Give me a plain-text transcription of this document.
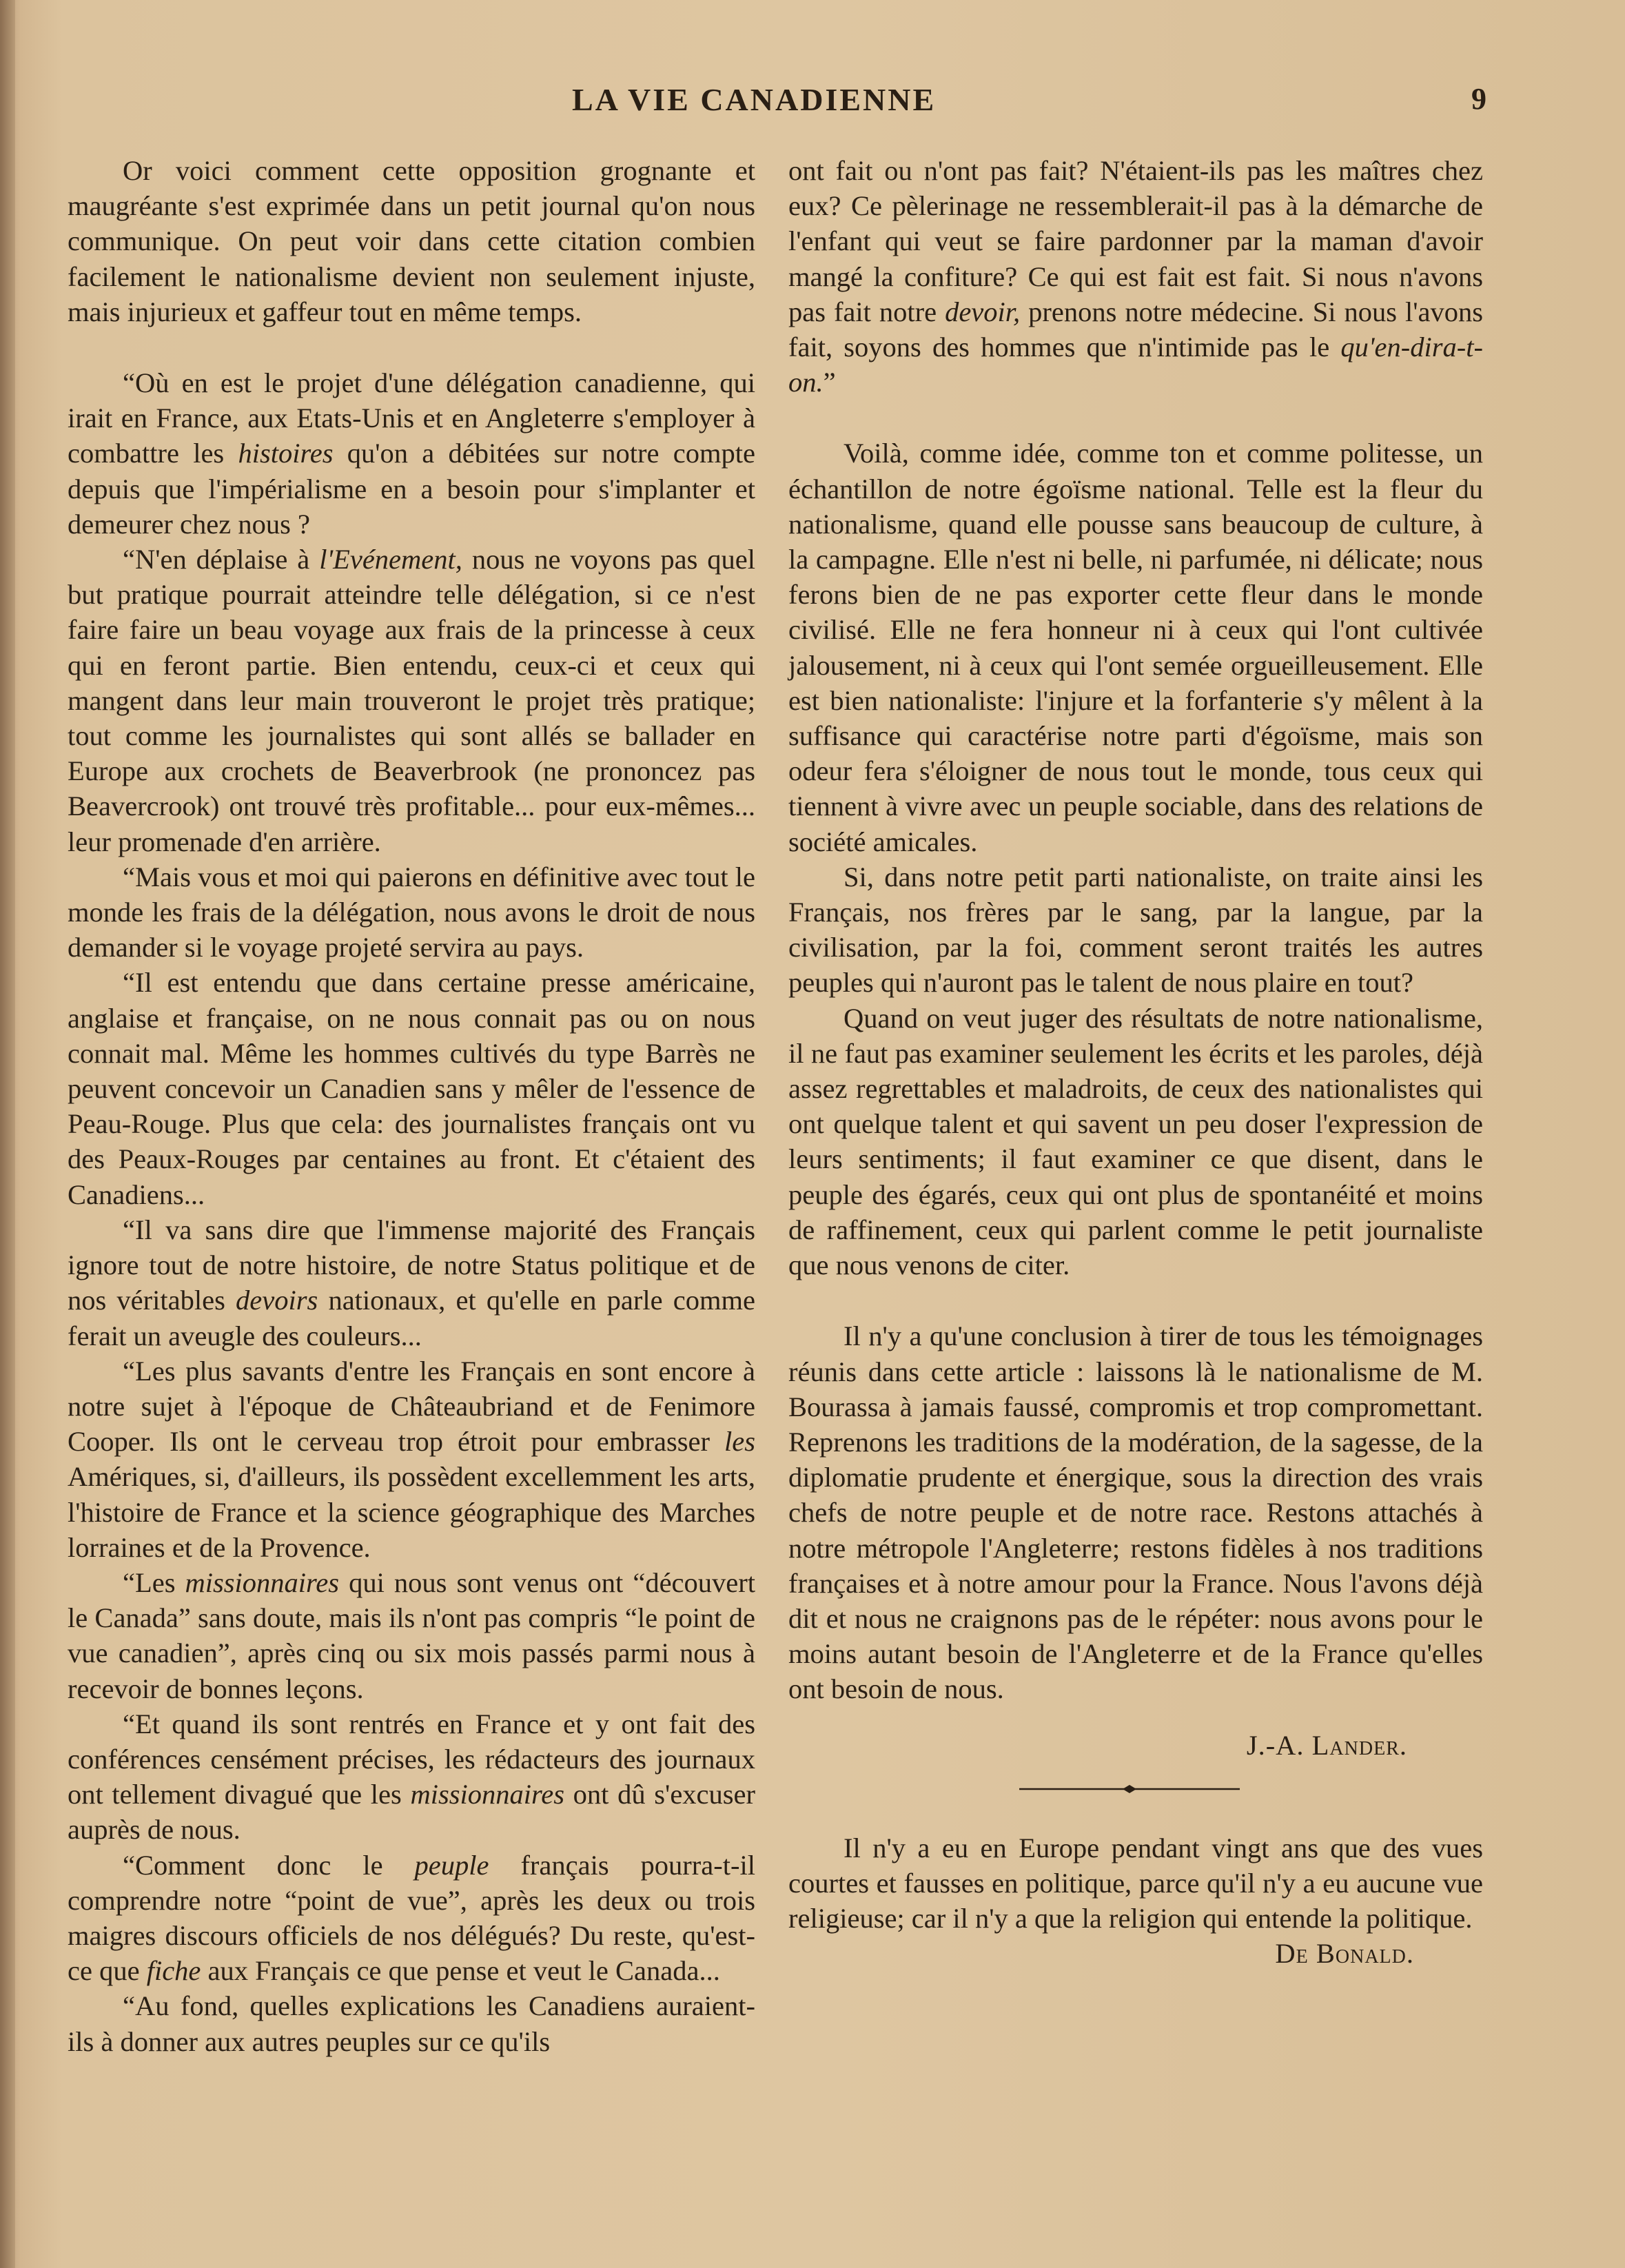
LA VIE CANADIENNE	9

Or voici comment cette opposition grognante et maugréante s'est exprimée dans un petit journal qu'on nous communique. On peut voir dans cette citation combien facilement le nationalisme devient non seulement injuste, mais injurieux et gaffeur tout en même temps.

“Où en est le projet d'une délégation canadienne, qui irait en France, aux Etats-Unis et en Angleterre s'employer à combattre les histoires qu'on a débitées sur notre compte depuis que l'impérialisme en a besoin pour s'implanter et demeurer chez nous ?

“N'en déplaise à l'Evénement, nous ne voyons pas quel but pratique pourrait atteindre telle délégation, si ce n'est faire faire un beau voyage aux frais de la princesse à ceux qui en feront partie. Bien entendu, ceux-ci et ceux qui mangent dans leur main trouveront le projet très pratique; tout comme les journalistes qui sont allés se ballader en Europe aux crochets de Beaverbrook (ne prononcez pas Beavercrook) ont trouvé très profitable... pour eux-mêmes... leur promenade d'en arrière.

“Mais vous et moi qui paierons en définitive avec tout le monde les frais de la délégation, nous avons le droit de nous demander si le voyage projeté servira au pays.

“Il est entendu que dans certaine presse américaine, anglaise et française, on ne nous connait pas ou on nous connait mal. Même les hommes cultivés du type Barrès ne peuvent concevoir un Canadien sans y mêler de l'essence de Peau-Rouge. Plus que cela: des journalistes français ont vu des Peaux-Rouges par centaines au front. Et c'étaient des Canadiens...

“Il va sans dire que l'immense majorité des Français ignore tout de notre histoire, de notre Status politique et de nos véritables devoirs nationaux, et qu'elle en parle comme ferait un aveugle des couleurs...

“Les plus savants d'entre les Français en sont encore à notre sujet à l'époque de Châteaubriand et de Fenimore Cooper. Ils ont le cerveau trop étroit pour embrasser les Amériques, si, d'ailleurs, ils possèdent excellemment les arts, l'histoire de France et la science géographique des Marches lorraines et de la Provence.

“Les missionnaires qui nous sont venus ont “découvert le Canada” sans doute, mais ils n'ont pas compris “le point de vue canadien”, après cinq ou six mois passés parmi nous à recevoir de bonnes leçons.

“Et quand ils sont rentrés en France et y ont fait des conférences censément précises, les rédacteurs des journaux ont tellement divagué que les missionnaires ont dû s'excuser auprès de nous.

“Comment donc le peuple français pourra-t-il comprendre notre “point de vue”, après les deux ou trois maigres discours officiels de nos délégués? Du reste, qu'est-ce que fiche aux Français ce que pense et veut le Canada...

“Au fond, quelles explications les Canadiens auraient-ils à donner aux autres peuples sur ce qu'ils

ont fait ou n'ont pas fait? N'étaient-ils pas les maîtres chez eux? Ce pèlerinage ne ressemblerait-il pas à la démarche de l'enfant qui veut se faire pardonner par la maman d'avoir mangé la confiture? Ce qui est fait est fait. Si nous n'avons pas fait notre devoir, prenons notre médecine. Si nous l'avons fait, soyons des hommes que n'intimide pas le qu'en-dira-t-on.”

Voilà, comme idée, comme ton et comme politesse, un échantillon de notre égoïsme national. Telle est la fleur du nationalisme, quand elle pousse sans beaucoup de culture, à la campagne. Elle n'est ni belle, ni parfumée, ni délicate; nous ferons bien de ne pas exporter cette fleur dans le monde civilisé. Elle ne fera honneur ni à ceux qui l'ont cultivée jalousement, ni à ceux qui l'ont semée orgueilleusement. Elle est bien nationaliste: l'injure et la forfanterie s'y mêlent à la suffisance qui caractérise notre parti d'égoïsme, mais son odeur fera s'éloigner de nous tout le monde, tous ceux qui tiennent à vivre avec un peuple sociable, dans des relations de société amicales.

Si, dans notre petit parti nationaliste, on traite ainsi les Français, nos frères par le sang, par la langue, par la civilisation, par la foi, comment seront traités les autres peuples qui n'auront pas le talent de nous plaire en tout?

Quand on veut juger des résultats de notre nationalisme, il ne faut pas examiner seulement les écrits et les paroles, déjà assez regrettables et maladroits, de ceux des nationalistes qui ont quelque talent et qui savent un peu doser l'expression de leurs sentiments; il faut examiner ce que disent, dans le peuple des égarés, ceux qui ont plus de spontanéité et moins de raffinement, ceux qui parlent comme le petit journaliste que nous venons de citer.

Il n'y a qu'une conclusion à tirer de tous les témoignages réunis dans cette article : laissons là le nationalisme de M. Bourassa à jamais faussé, compromis et trop compromettant. Reprenons les traditions de la modération, de la sagesse, de la diplomatie prudente et énergique, sous la direction des vrais chefs de notre peuple et de notre race. Restons attachés à notre métropole l'Angleterre; restons fidèles à nos traditions françaises et à notre amour pour la France. Nous l'avons déjà dit et nous ne craignons pas de le répéter: nous avons pour le moins autant besoin de l'Angleterre et de la France qu'elles ont besoin de nous.

J.-A. Lander.

Il n'y a eu en Europe pendant vingt ans que des vues courtes et fausses en politique, parce qu'il n'y a eu aucune vue religieuse; car il n'y a que la religion qui entende la politique.

De Bonald.
